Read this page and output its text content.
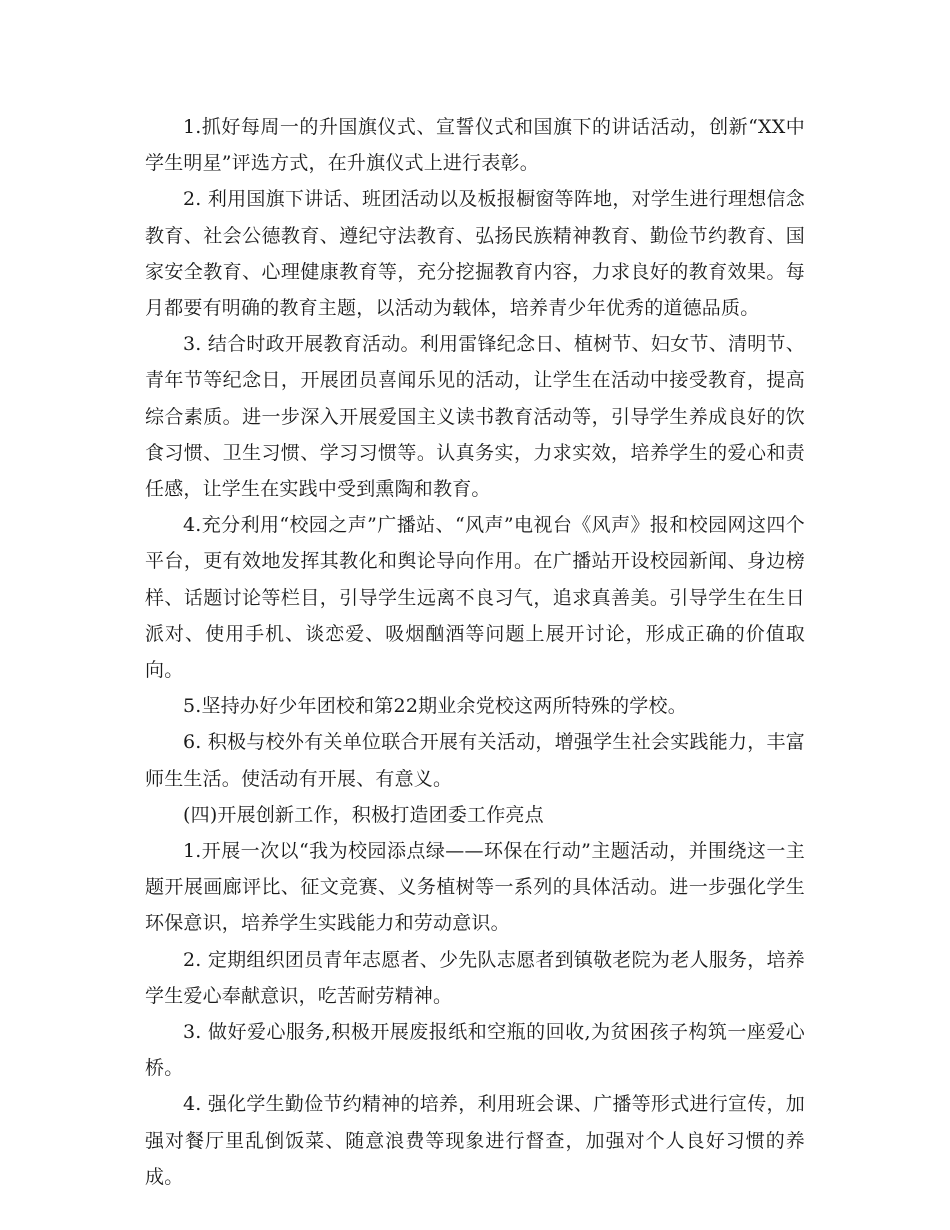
1.抓好每周一的升国旗仪式、宣誓仪式和国旗下的讲话活动，创新“XX中学生明星”评选方式，在升旗仪式上进行表彰。

2. 利用国旗下讲话、班团活动以及板报橱窗等阵地，对学生进行理想信念教育、社会公德教育、遵纪守法教育、弘扬民族精神教育、勤俭节约教育、国家安全教育、心理健康教育等，充分挖掘教育内容，力求良好的教育效果。每月都要有明确的教育主题，以活动为载体，培养青少年优秀的道德品质。

3. 结合时政开展教育活动。利用雷锋纪念日、植树节、妇女节、清明节、青年节等纪念日，开展团员喜闻乐见的活动，让学生在活动中接受教育，提高综合素质。进一步深入开展爱国主义读书教育活动等，引导学生养成良好的饮食习惯、卫生习惯、学习习惯等。认真务实，力求实效，培养学生的爱心和责任感，让学生在实践中受到熏陶和教育。

4.充分利用“校园之声”广播站、“风声”电视台《风声》报和校园网这四个平台，更有效地发挥其教化和舆论导向作用。在广播站开设校园新闻、身边榜样、话题讨论等栏目，引导学生远离不良习气，追求真善美。引导学生在生日派对、使用手机、谈恋爱、吸烟酗酒等问题上展开讨论，形成正确的价值取向。

5.坚持办好少年团校和第22期业余党校这两所特殊的学校。

6. 积极与校外有关单位联合开展有关活动，增强学生社会实践能力，丰富师生生活。使活动有开展、有意义。

(四)开展创新工作，积极打造团委工作亮点

1.开展一次以“我为校园添点绿——环保在行动”主题活动，并围绕这一主题开展画廊评比、征文竞赛、义务植树等一系列的具体活动。进一步强化学生环保意识，培养学生实践能力和劳动意识。

2. 定期组织团员青年志愿者、少先队志愿者到镇敬老院为老人服务，培养学生爱心奉献意识，吃苦耐劳精神。

3. 做好爱心服务,积极开展废报纸和空瓶的回收,为贫困孩子构筑一座爱心桥。

4. 强化学生勤俭节约精神的培养，利用班会课、广播等形式进行宣传，加强对餐厅里乱倒饭菜、随意浪费等现象进行督查，加强对个人良好习惯的养成。
